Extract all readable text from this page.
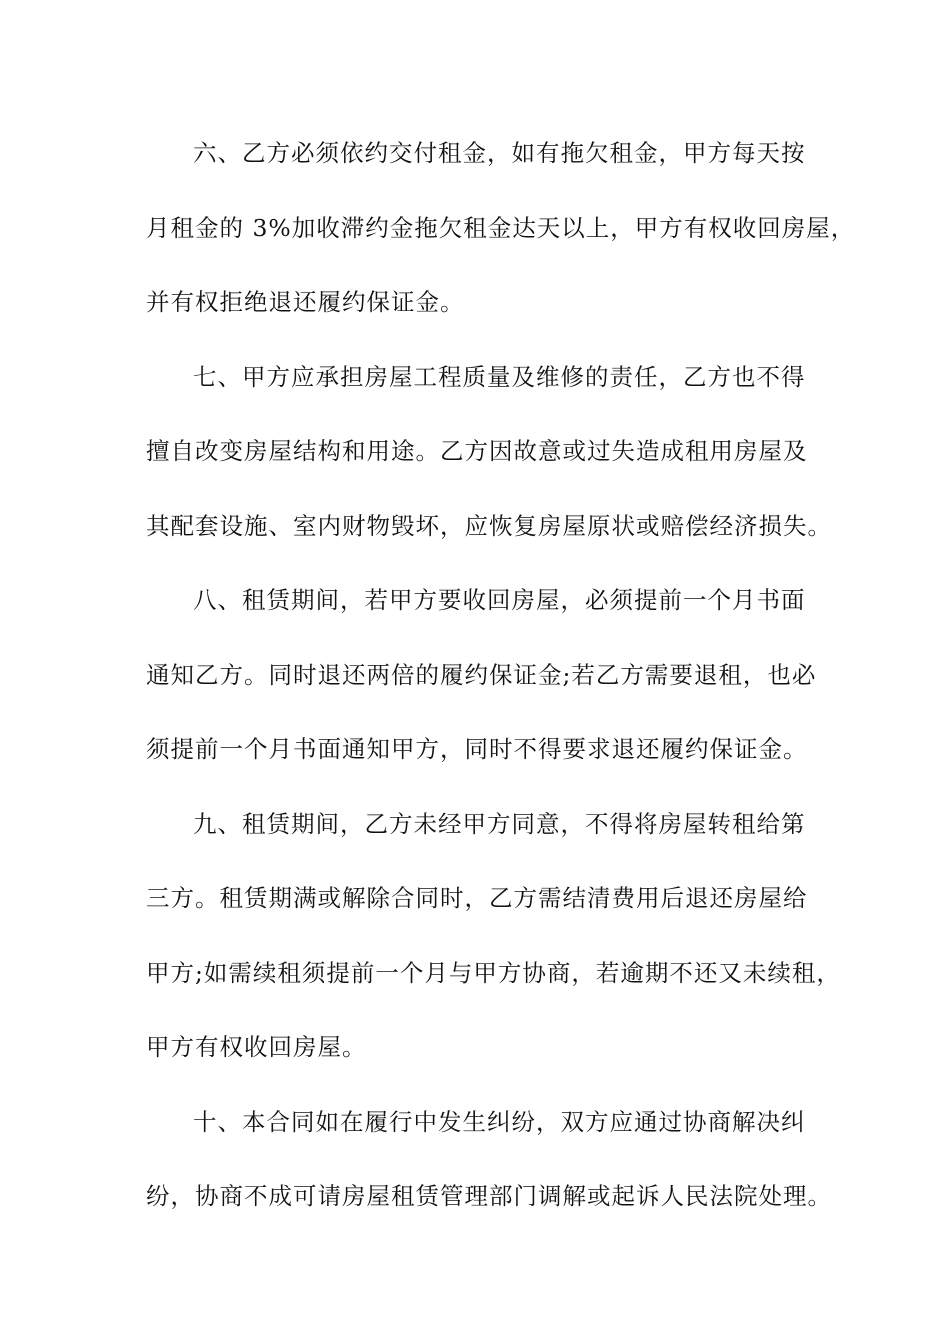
六、乙方必须依约交付租金，如有拖欠租金，甲方每天按
月租金的 3%加收滞约金拖欠租金达天以上，甲方有权收回房屋，
并有权拒绝退还履约保证金。
七、甲方应承担房屋工程质量及维修的责任，乙方也不得
擅自改变房屋结构和用途。乙方因故意或过失造成租用房屋及
其配套设施、室内财物毁坏，应恢复房屋原状或赔偿经济损失。
八、租赁期间，若甲方要收回房屋，必须提前一个月书面
通知乙方。同时退还两倍的履约保证金;若乙方需要退租，也必
须提前一个月书面通知甲方，同时不得要求退还履约保证金。
九、租赁期间，乙方未经甲方同意，不得将房屋转租给第
三方。租赁期满或解除合同时，乙方需结清费用后退还房屋给
甲方;如需续租须提前一个月与甲方协商，若逾期不还又未续租，
甲方有权收回房屋。
十、本合同如在履行中发生纠纷，双方应通过协商解决纠
纷，协商不成可请房屋租赁管理部门调解或起诉人民法院处理。
